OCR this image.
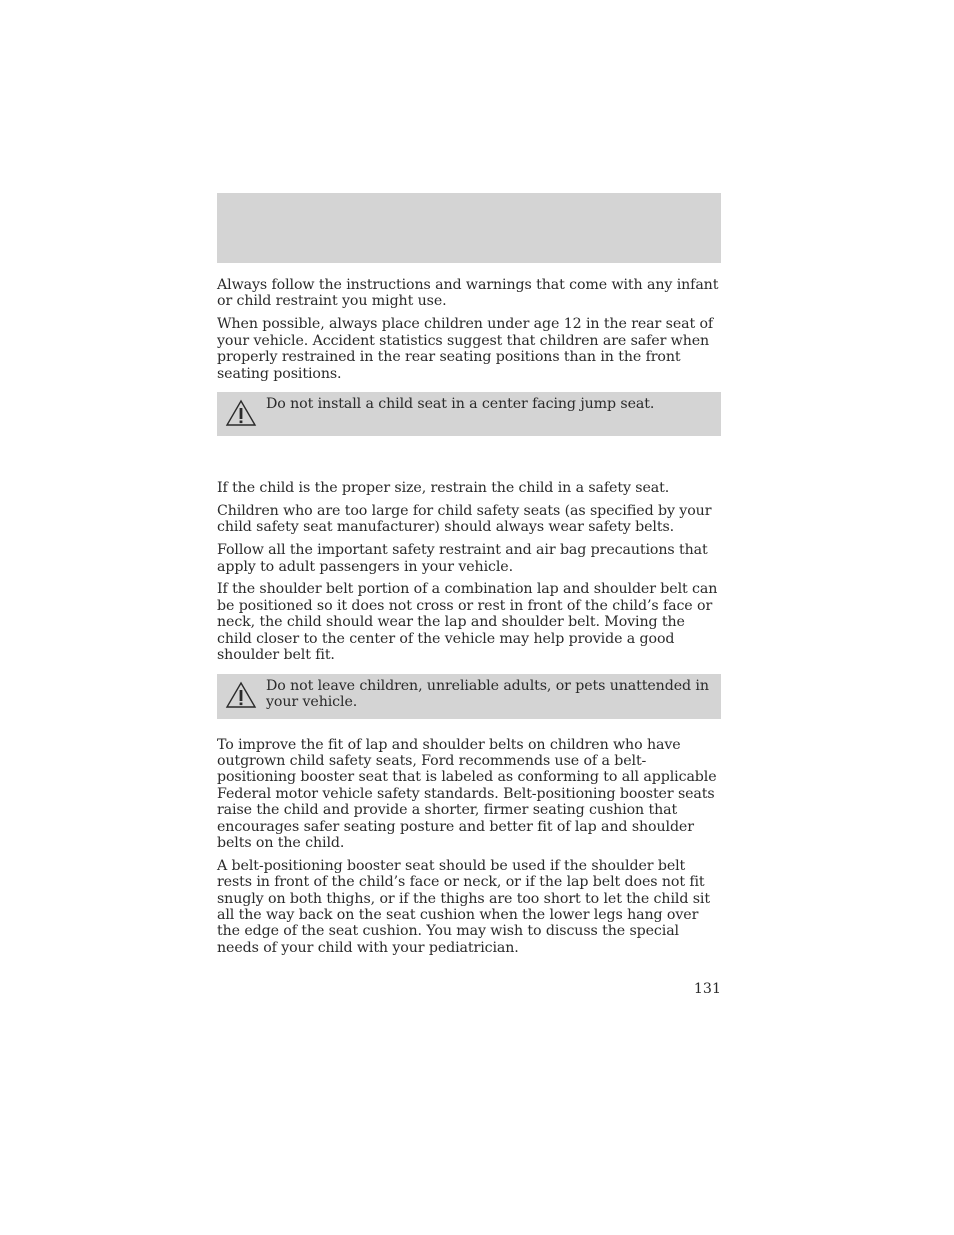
Always follow the instructions and warnings that come with any infant or child restraint you might use.

When possible, always place children under age 12 in the rear seat of your vehicle. Accident statistics suggest that children are safer when properly restrained in the rear seating positions than in the front seating positions.

Do not install a child seat in a center facing jump seat.

If the child is the proper size, restrain the child in a safety seat.

Children who are too large for child safety seats (as specified by your child safety seat manufacturer) should always wear safety belts.

Follow all the important safety restraint and air bag precautions that apply to adult passengers in your vehicle.

If the shoulder belt portion of a combination lap and shoulder belt can be positioned so it does not cross or rest in front of the child’s face or neck, the child should wear the lap and shoulder belt. Moving the child closer to the center of the vehicle may help provide a good shoulder belt fit.

Do not leave children, unreliable adults, or pets unattended in your vehicle.

To improve the fit of lap and shoulder belts on children who have outgrown child safety seats, Ford recommends use of a belt-positioning booster seat that is labeled as conforming to all applicable Federal motor vehicle safety standards. Belt-positioning booster seats raise the child and provide a shorter, firmer seating cushion that encourages safer seating posture and better fit of lap and shoulder belts on the child.

A belt-positioning booster seat should be used if the shoulder belt rests in front of the child’s face or neck, or if the lap belt does not fit snugly on both thighs, or if the thighs are too short to let the child sit all the way back on the seat cushion when the lower legs hang over the edge of the seat cushion. You may wish to discuss the special needs of your child with your pediatrician.

131
